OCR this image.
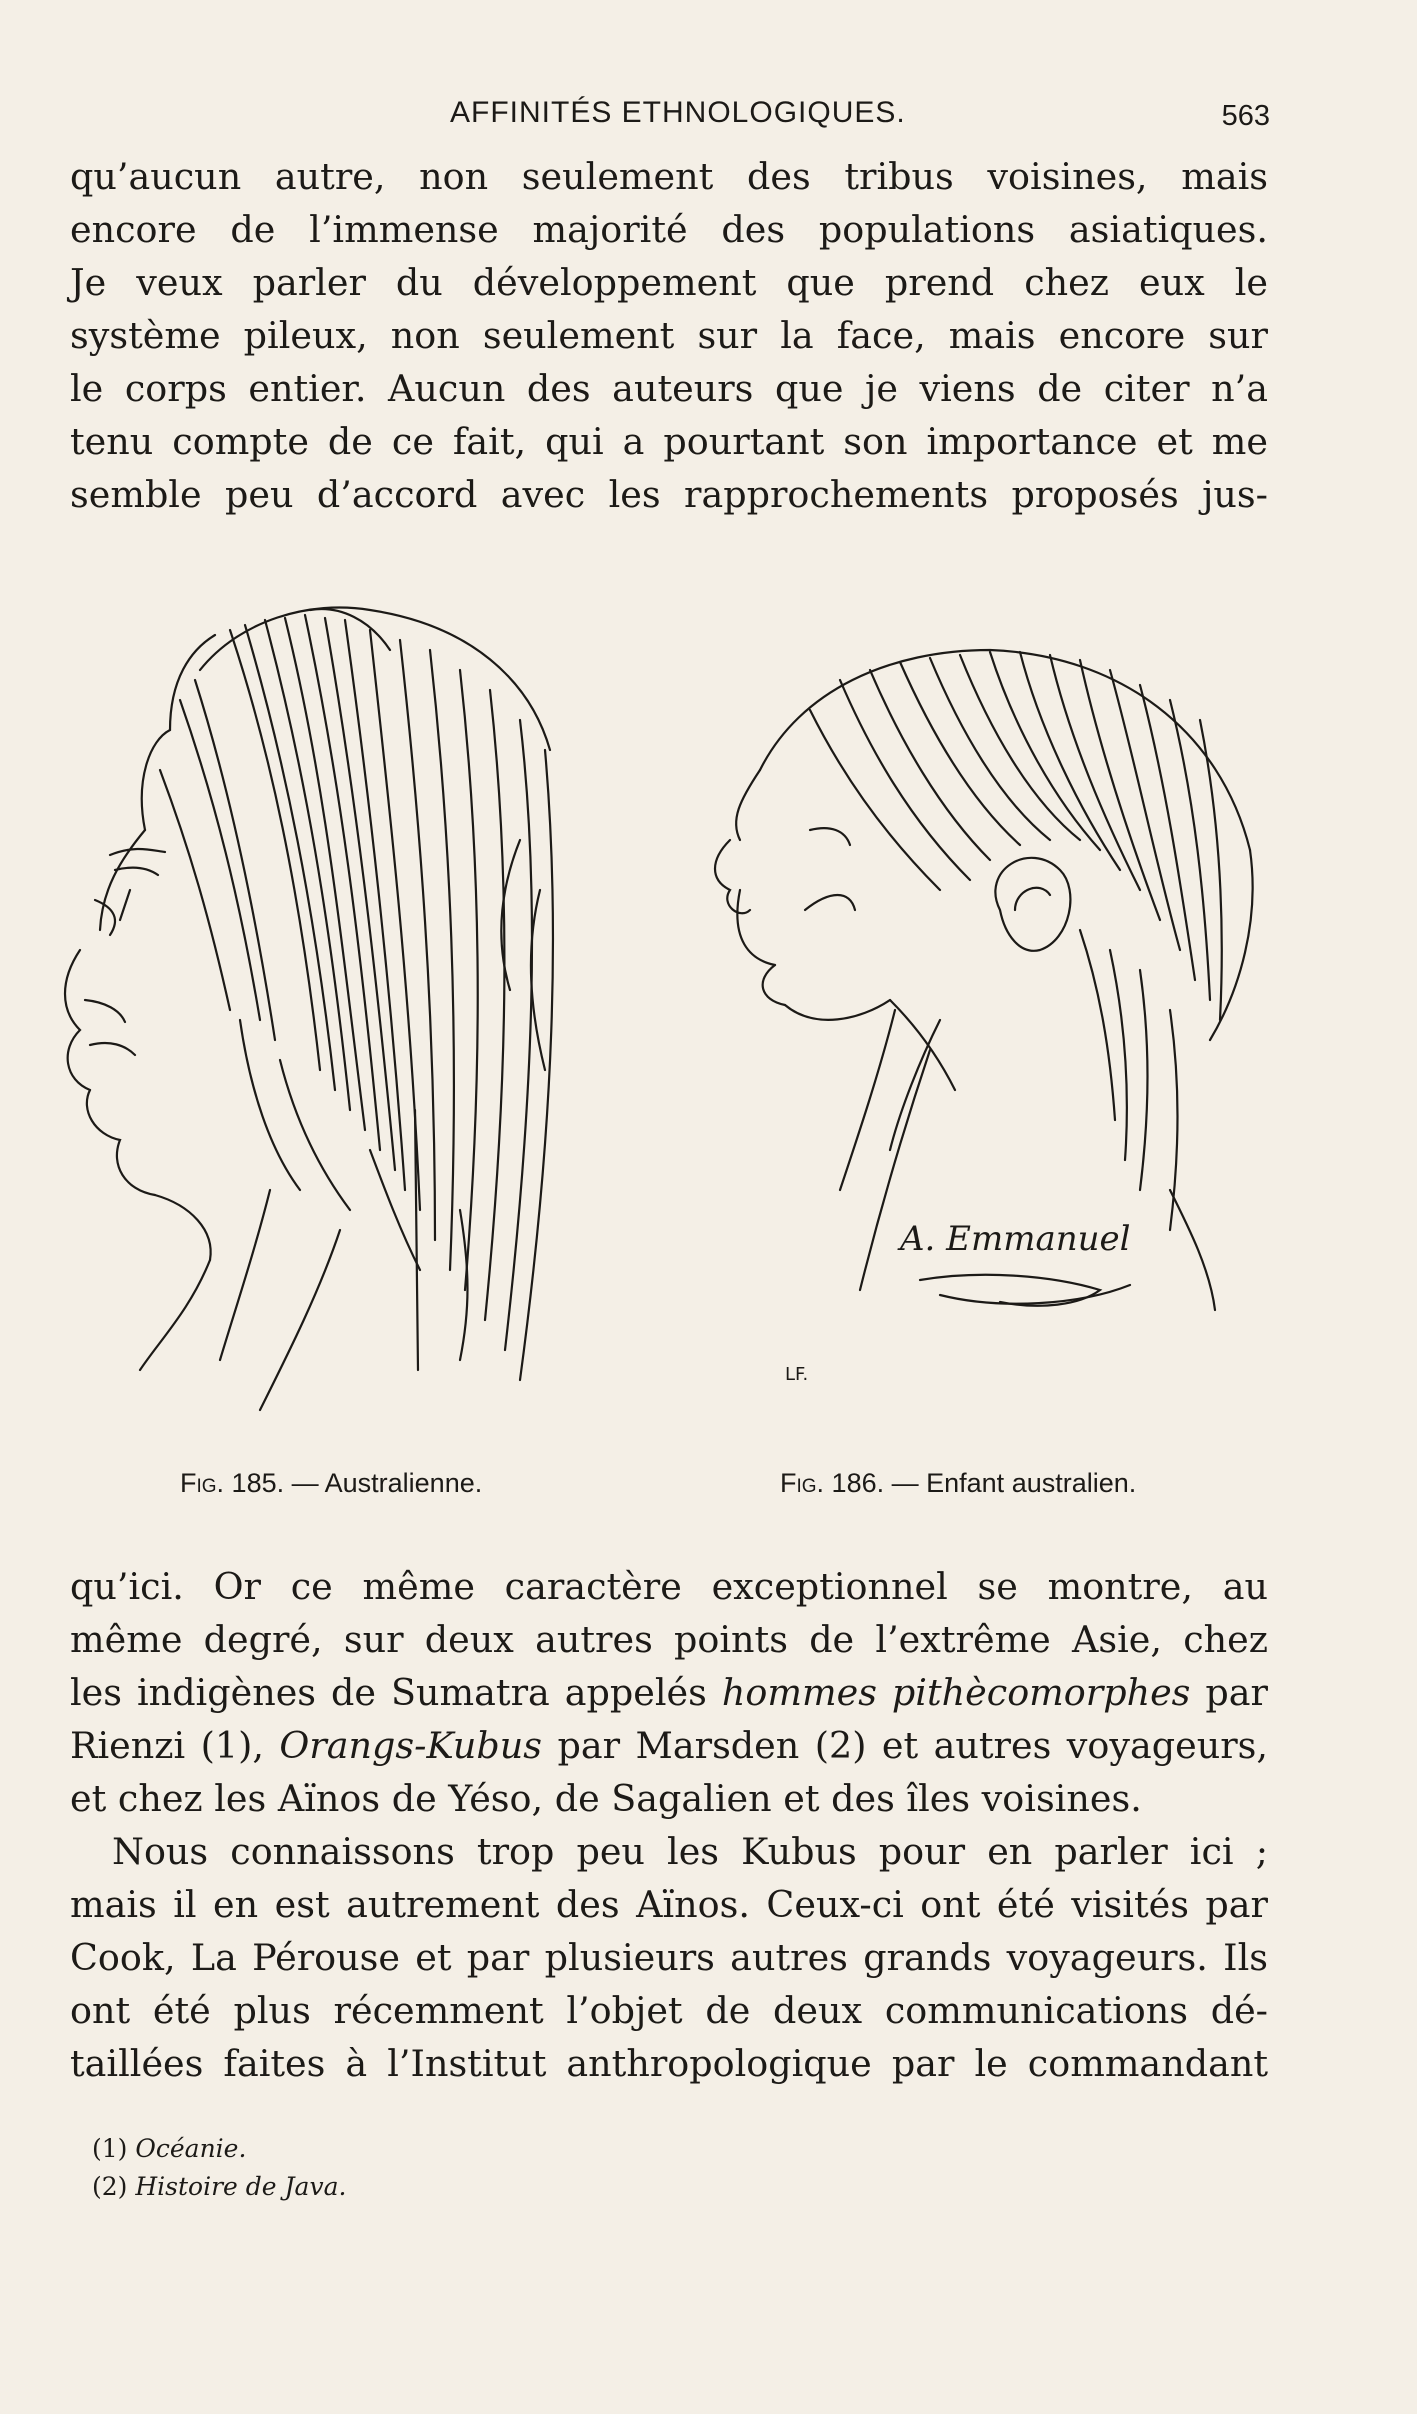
AFFINITÉS ETHNOLOGIQUES.	563

qu’aucun autre, non seulement des tribus voisines, mais
encore de l’immense majorité des populations asiatiques.
Je veux parler du développement que prend chez eux le
système pileux, non seulement sur la face, mais encore sur
le corps entier. Aucun des auteurs que je viens de citer n’a
tenu compte de ce fait, qui a pourtant son importance et me
semble peu d’accord avec les rapprochements proposés jus-

A. Emmanuel
LF.
Fig. 185. — Australienne.	Fig. 186. — Enfant australien.

qu’ici. Or ce même caractère exceptionnel se montre, au
même degré, sur deux autres points de l’extrême Asie, chez
les indigènes de Sumatra appelés hommes pithècomorphes par
Rienzi (1), Orangs-Kubus par Marsden (2) et autres voyageurs,
et chez les Aïnos de Yéso, de Sagalien et des îles voisines.

Nous connaissons trop peu les Kubus pour en parler ici ;
mais il en est autrement des Aïnos. Ceux-ci ont été visités par
Cook, La Pérouse et par plusieurs autres grands voyageurs. Ils
ont été plus récemment l’objet de deux communications dé-
taillées faites à l’Institut anthropologique par le commandant

(1) Océanie.
(2) Histoire de Java.
